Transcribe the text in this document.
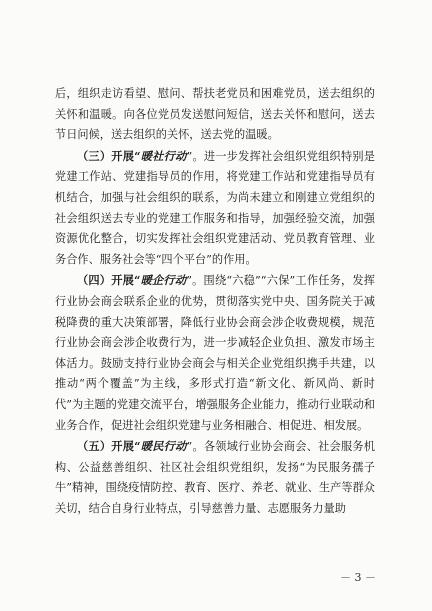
后，组织走访看望、慰问、帮扶老党员和困难党员，送去组织的关怀和温暖。向各位党员发送慰问短信，送去关怀和慰问，送去节日问候，送去组织的关怀，送去党的温暖。

（三）开展“暖社行动”。进一步发挥社会组织党组织特别是党建工作站、党建指导员的作用，将党建工作站和党建指导员有机结合，加强与社会组织的联系，为尚未建立和刚建立党组织的社会组织送去专业的党建工作服务和指导，加强经验交流，加强资源优化整合，切实发挥社会组织党建活动、党员教育管理、业务合作、服务社会等“四个平台”的作用。

（四）开展“暖企行动”。围绕“六稳”“六保”工作任务，发挥行业协会商会联系企业的优势，贯彻落实党中央、国务院关于减税降费的重大决策部署，降低行业协会商会涉企收费规模，规范行业协会商会涉企收费行为，进一步减轻企业负担、激发市场主体活力。鼓励支持行业协会商会与相关企业党组织携手共建，以推动“两个覆盖”为主线，多形式打造“新文化、新风尚、新时代”为主题的党建交流平台，增强服务企业能力，推动行业联动和业务合作，促进社会组织党建与业务相融合、相促进、相发展。

（五）开展“暖民行动”。各领域行业协会商会、社会服务机构、公益慈善组织、社区社会组织党组织，发扬“为民服务孺子牛”精神，围绕疫情防控、教育、医疗、养老、就业、生产等群众关切，结合自身行业特点，引导慈善力量、志愿服务力量助

－ 3 －
